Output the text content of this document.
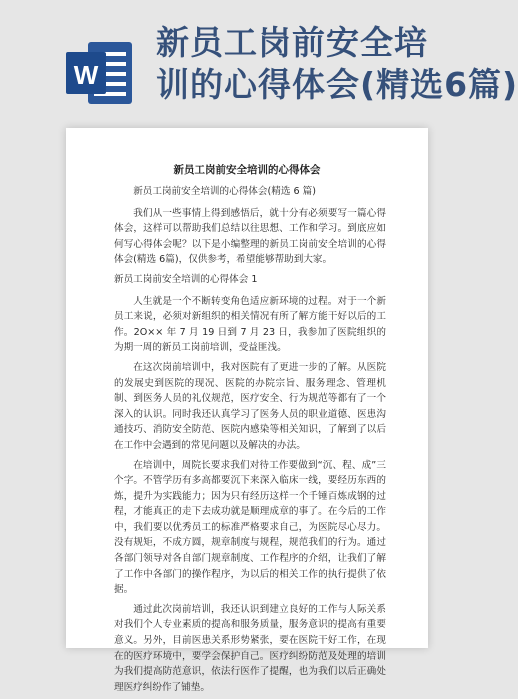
W
新员工岗前安全培
训的心得体会(精选6篇)
新员工岗前安全培训的心得体会

新员工岗前安全培训的心得体会(精选 6 篇)

我们从一些事情上得到感悟后，就十分有必须要写一篇心得体会，这样可以帮助我们总结以往思想、工作和学习。到底应如何写心得体会呢？以下是小编整理的新员工岗前安全培训的心得体会(精选 6篇)，仅供参考，希望能够帮助到大家。

新员工岗前安全培训的心得体会 1

人生就是一个不断转变角色适应新环境的过程。对于一个新员工来说，必须对新组织的相关情况有所了解方能干好以后的工作。2O×× 年 7 月 19 日到 7 月 23 日，我参加了医院组织的为期一周的新员工岗前培训，受益匪浅。

在这次岗前培训中，我对医院有了更进一步的了解。从医院的发展史到医院的现况、医院的办院宗旨、服务理念、管理机制、到医务人员的礼仪规范，医疗安全、行为规范等都有了一个深入的认识。同时我还认真学习了医务人员的职业道德、医患沟通技巧、消防安全防范、医院内感染等相关知识，了解到了以后在工作中会遇到的常见问题以及解决的办法。

在培训中，周院长要求我们对待工作要做到“沉、程、成”三个字。不管学历有多高都要沉下来深入临床一线，要经历东西的炼，提升为实践能力；因为只有经历这样一个千锤百炼成钢的过程，才能真正的走下去成功就是顺理成章的事了。在今后的工作中，我们要以优秀员工的标准严格要求自己，为医院尽心尽力。没有规矩，不成方圆，规章制度与规程，规范我们的行为。通过各部门领导对各自部门规章制度、工作程序的介绍，让我们了解了工作中各部门的操作程序，为以后的相关工作的执行提供了依据。

通过此次岗前培训，我还认识到建立良好的工作与人际关系对我们个人专业素质的提高和服务质量，服务意识的提高有重要意义。另外，目前医患关系形势紧张，要在医院干好工作，在现在的医疗环境中，要学会保护自己。医疗纠纷防范及处理的培训为我们提高防范意识，依法行医作了提醒，也为我们以后正确处理医疗纠纷作了铺垫。
